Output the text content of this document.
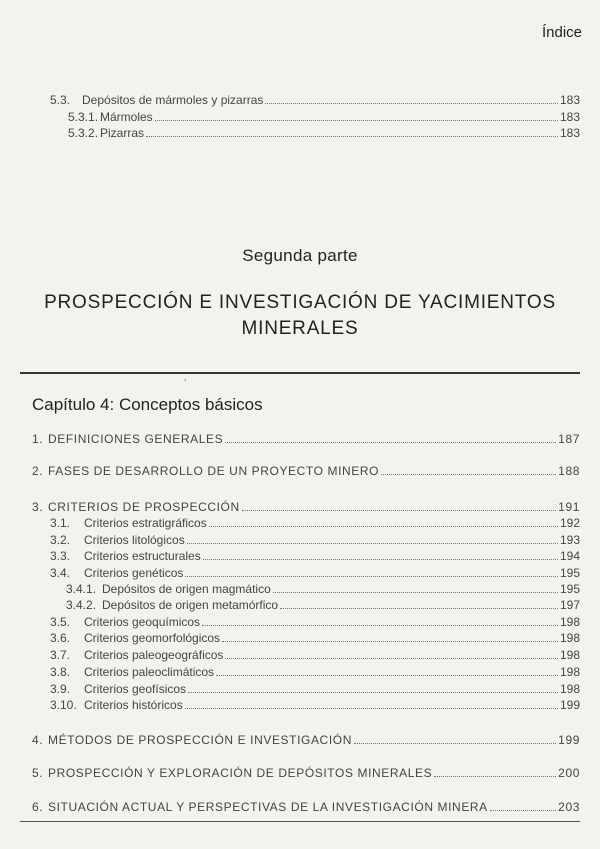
Índice
5.3. Depósitos de mármoles y pizarras	183
5.3.1. Mármoles	183
5.3.2. Pizarras	183
Segunda parte
PROSPECCIÓN E INVESTIGACIÓN DE YACIMIENTOS MINERALES
’
Capítulo 4: Conceptos básicos
1. DEFINICIONES GENERALES	187
2. FASES DE DESARROLLO DE UN PROYECTO MINERO	188
3. CRITERIOS DE PROSPECCIÓN	191
3.1.	Criterios estratigráficos	192
3.2.	Criterios litológicos	193
3.3.	Criterios estructurales	194
3.4.	Criterios genéticos	195
3.4.1. Depósitos de origen magmático	195
3.4.2. Depósitos de origen metamórfico	197
3.5.	Criterios geoquímicos	198
3.6.	Criterios geomorfológicos	198
3.7.	Criterios paleogeográficos	198
3.8.	Criterios paleoclimáticos	198
3.9.	Criterios geofísicos	198
3.10. Criterios históricos	199
4. MÉTODOS DE PROSPECCIÓN E INVESTIGACIÓN	199
5. PROSPECCIÓN Y EXPLORACIÓN DE DEPÓSITOS MINERALES	200
6. SITUACIÓN ACTUAL Y PERSPECTIVAS DE LA INVESTIGACIÓN MINERA	203
